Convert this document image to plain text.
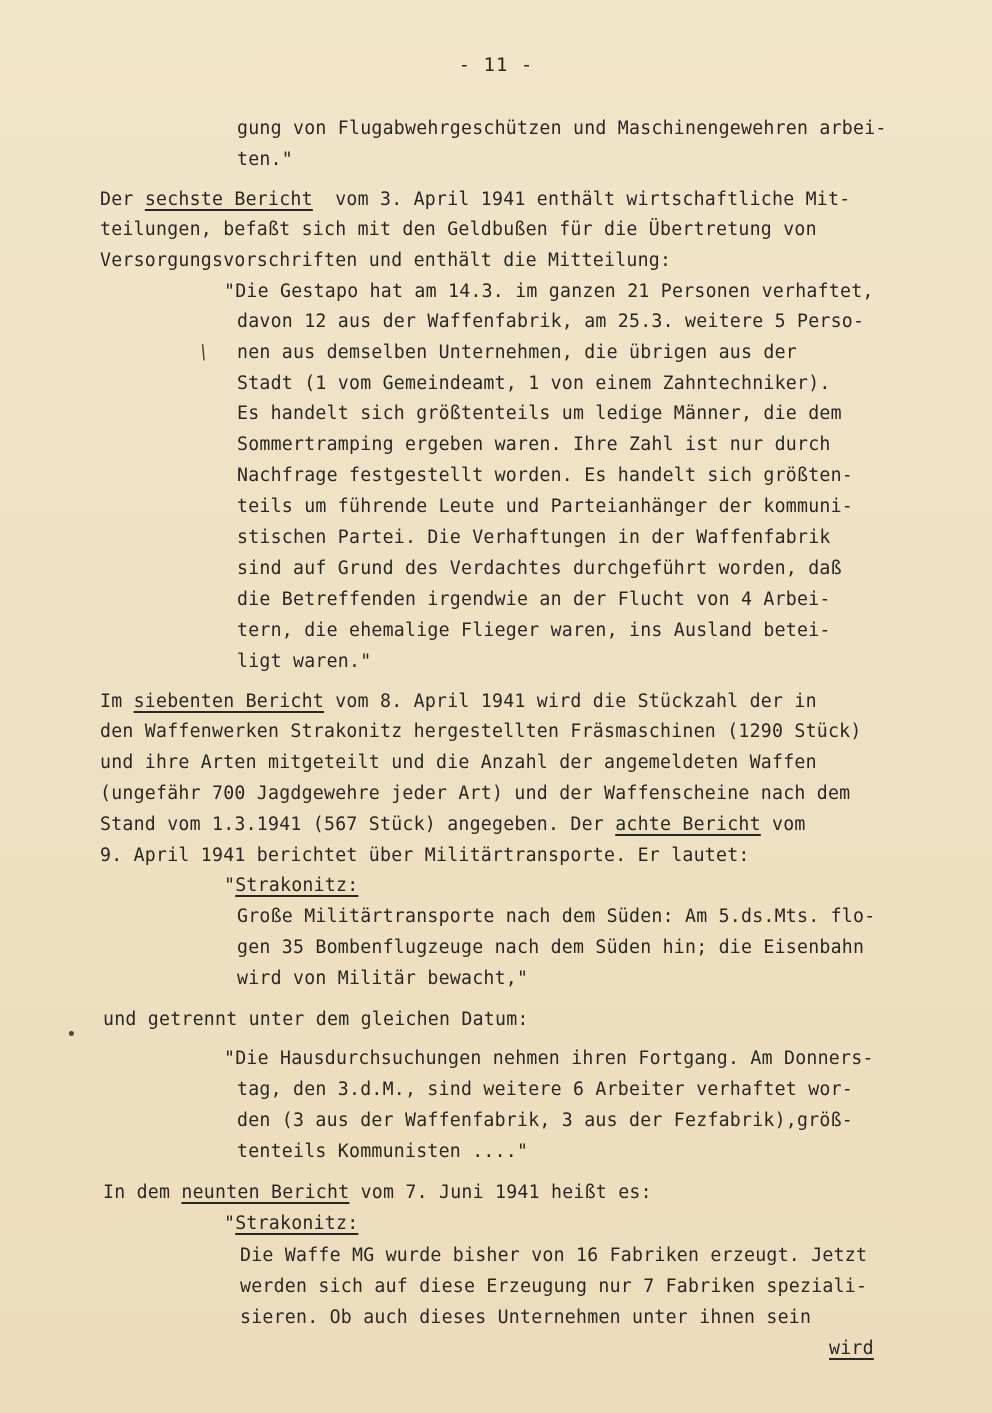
- 11 -
gung von Flugabwehrgeschützen und Maschinengewehren arbei-
ten."
Der sechste Bericht  vom 3. April 1941 enthält wirtschaftliche Mit-
teilungen, befaßt sich mit den Geldbußen für die Übertretung von
Versorgungsvorschriften und enthält die Mitteilung:
"Die Gestapo hat am 14.3. im ganzen 21 Personen verhaftet,
davon 12 aus der Waffenfabrik, am 25.3. weitere 5 Perso-
nen aus demselben Unternehmen, die übrigen aus der
Stadt (1 vom Gemeindeamt, 1 von einem Zahntechniker).
Es handelt sich größtenteils um ledige Männer, die dem
Sommertramping ergeben waren. Ihre Zahl ist nur durch
Nachfrage festgestellt worden. Es handelt sich größten-
teils um führende Leute und Parteianhänger der kommuni-
stischen Partei. Die Verhaftungen in der Waffenfabrik
sind auf Grund des Verdachtes durchgeführt worden, daß
die Betreffenden irgendwie an der Flucht von 4 Arbei-
tern, die ehemalige Flieger waren, ins Ausland betei-
ligt waren."
Im siebenten Bericht vom 8. April 1941 wird die Stückzahl der in
den Waffenwerken Strakonitz hergestellten Fräsmaschinen (1290 Stück)
und ihre Arten mitgeteilt und die Anzahl der angemeldeten Waffen
(ungefähr 700 Jagdgewehre jeder Art) und der Waffenscheine nach dem
Stand vom 1.3.1941 (567 Stück) angegeben. Der achte Bericht vom
9. April 1941 berichtet über Militärtransporte. Er lautet:
"Strakonitz:
Große Militärtransporte nach dem Süden: Am 5.ds.Mts. flo-
gen 35 Bombenflugzeuge nach dem Süden hin; die Eisenbahn
wird von Militär bewacht,"
und getrennt unter dem gleichen Datum:
"Die Hausdurchsuchungen nehmen ihren Fortgang. Am Donners-
tag, den 3.d.M., sind weitere 6 Arbeiter verhaftet wor-
den (3 aus der Waffenfabrik, 3 aus der Fezfabrik),größ-
tenteils Kommunisten ...."
In dem neunten Bericht vom 7. Juni 1941 heißt es:
"Strakonitz:
Die Waffe MG wurde bisher von 16 Fabriken erzeugt. Jetzt
werden sich auf diese Erzeugung nur 7 Fabriken speziali-
sieren. Ob auch dieses Unternehmen unter ihnen sein
wird
\
•
